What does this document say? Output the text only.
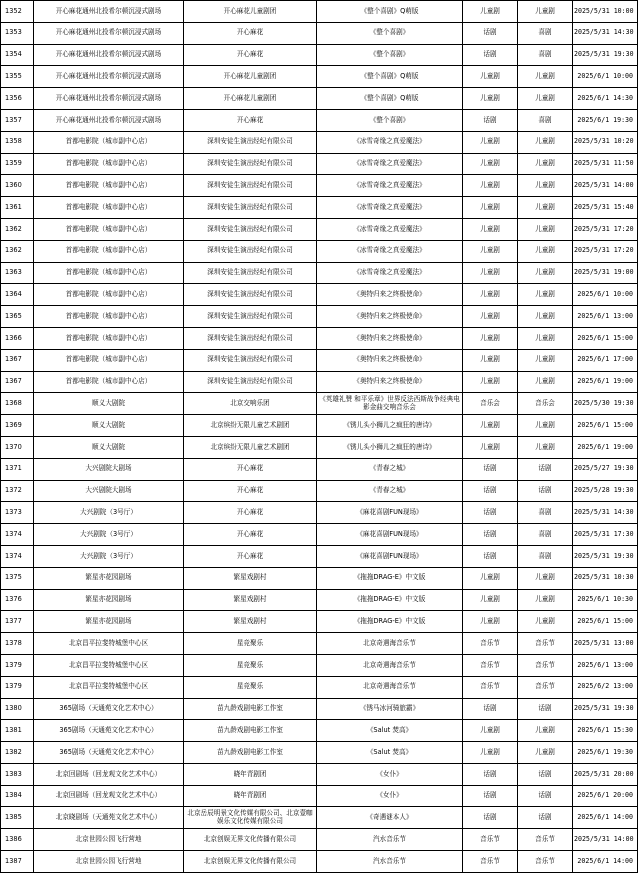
1352	开心麻花通州北投希尔顿沉浸式剧场	开心麻花儿童剧团	《整个喜剧》Q萌版	儿童剧	儿童剧	2025/5/31 10:00
1353	开心麻花通州北投希尔顿沉浸式剧场	开心麻花	《整个喜剧》	话剧	喜剧	2025/5/31 14:30
1354	开心麻花通州北投希尔顿沉浸式剧场	开心麻花	《整个喜剧》	话剧	喜剧	2025/5/31 19:30
1355	开心麻花通州北投希尔顿沉浸式剧场	开心麻花儿童剧团	《整个喜剧》Q萌版	儿童剧	儿童剧	2025/6/1 10:00
1356	开心麻花通州北投希尔顿沉浸式剧场	开心麻花儿童剧团	《整个喜剧》Q萌版	儿童剧	儿童剧	2025/6/1 14:30
1357	开心麻花通州北投希尔顿沉浸式剧场	开心麻花	《整个喜剧》	话剧	喜剧	2025/6/1 19:30
1358	首都电影院（城市副中心店）	深圳安徒生演出经纪有限公司	《冰雪奇缘之真爱魔法》	儿童剧	儿童剧	2025/5/31 10:20
1359	首都电影院（城市副中心店）	深圳安徒生演出经纪有限公司	《冰雪奇缘之真爱魔法》	儿童剧	儿童剧	2025/5/31 11:50
1360	首都电影院（城市副中心店）	深圳安徒生演出经纪有限公司	《冰雪奇缘之真爱魔法》	儿童剧	儿童剧	2025/5/31 14:00
1361	首都电影院（城市副中心店）	深圳安徒生演出经纪有限公司	《冰雪奇缘之真爱魔法》	儿童剧	儿童剧	2025/5/31 15:40
1362	首都电影院（城市副中心店）	深圳安徒生演出经纪有限公司	《冰雪奇缘之真爱魔法》	儿童剧	儿童剧	2025/5/31 17:20
1362	首都电影院（城市副中心店）	深圳安徒生演出经纪有限公司	《冰雪奇缘之真爱魔法》	儿童剧	儿童剧	2025/5/31 17:20
1363	首都电影院（城市副中心店）	深圳安徒生演出经纪有限公司	《冰雪奇缘之真爱魔法》	儿童剧	儿童剧	2025/5/31 19:00
1364	首都电影院（城市副中心店）	深圳安徒生演出经纪有限公司	《奥特归来之终极使命》	儿童剧	儿童剧	2025/6/1 10:00
1365	首都电影院（城市副中心店）	深圳安徒生演出经纪有限公司	《奥特归来之终极使命》	儿童剧	儿童剧	2025/6/1 13:00
1366	首都电影院（城市副中心店）	深圳安徒生演出经纪有限公司	《奥特归来之终极使命》	儿童剧	儿童剧	2025/6/1 15:00
1367	首都电影院（城市副中心店）	深圳安徒生演出经纪有限公司	《奥特归来之终极使命》	儿童剧	儿童剧	2025/6/1 17:00
1367	首都电影院（城市副中心店）	深圳安徒生演出经纪有限公司	《奥特归来之终极使命》	儿童剧	儿童剧	2025/6/1 19:00
1368	顺义大剧院	北京交响乐团	《英雄礼赞 和平乐章》世界反法西斯战争经典电影金曲交响音乐会	音乐会	音乐会	2025/5/30 19:30
1369	顺义大剧院	北京缤纷无限儿童艺术剧团	《锈儿头小狮儿之疯狂的唐诗》	儿童剧	儿童剧	2025/6/1 15:00
1370	顺义大剧院	北京缤纷无限儿童艺术剧团	《锈儿头小狮儿之疯狂的唐诗》	儿童剧	儿童剧	2025/6/1 19:00
1371	大兴剧院大剧场	开心麻花	《青春之城》	话剧	话剧	2025/5/27 19:30
1372	大兴剧院大剧场	开心麻花	《青春之城》	话剧	话剧	2025/5/28 19:30
1373	大兴剧院（3号厅）	开心麻花	《麻花喜剧FUN现场》	话剧	喜剧	2025/5/31 14:30
1374	大兴剧院（3号厅）	开心麻花	《麻花喜剧FUN现场》	话剧	喜剧	2025/5/31 17:30
1374	大兴剧院（3号厅）	开心麻花	《麻花喜剧FUN现场》	话剧	喜剧	2025/5/31 19:30
1375	繁星亦花园剧场	繁星戏剧村	《拖拖DRAG-E》中文版	儿童剧	儿童剧	2025/5/31 10:30
1376	繁星亦花园剧场	繁星戏剧村	《拖拖DRAG-E》中文版	儿童剧	儿童剧	2025/6/1 10:30
1377	繁星亦花园剧场	繁星戏剧村	《拖拖DRAG-E》中文版	儿童剧	儿童剧	2025/6/1 15:00
1378	北京昌平拉斐特城堡中心区	星竞聚乐	北京奇遇海音乐节	音乐节	音乐节	2025/5/31 13:00
1379	北京昌平拉斐特城堡中心区	星竞聚乐	北京奇遇海音乐节	音乐节	音乐节	2025/6/1 13:00
1379	北京昌平拉斐特城堡中心区	星竞聚乐	北京奇遇海音乐节	音乐节	音乐节	2025/6/2 13:00
1380	365剧场（天通苑文化艺术中心）	苗九龄戏剧电影工作室	《锈马冰河骑旅霸》	话剧	话剧	2025/5/31 19:30
1381	365剧场（天通苑文化艺术中心）	苗九龄戏剧电影工作室	《Salut 焚高》	儿童剧	儿童剧	2025/6/1 15:30
1382	365剧场（天通苑文化艺术中心）	苗九龄戏剧电影工作室	《Salut 焚高》	儿童剧	儿童剧	2025/6/1 19:30
1383	北京回剧场（回龙观文化艺术中心）	晓年青剧团	《女仆》	话剧	话剧	2025/5/31 20:00
1384	北京回剧场（回龙观文化艺术中心）	晓年青剧团	《女仆》	话剧	话剧	2025/6/1 20:00
1385	北京晓剧场（天通苑文化艺术中心）	北京岳辰明景文化传媒有限公司、北京壹咖娱乐文化传媒有限公司	《奇遇谜本人》	话剧	话剧	2025/6/1 14:00
1386	北京世园公园飞行营地	北京创娱无界文化传播有限公司	汽水音乐节	音乐节	音乐节	2025/5/31 14:00
1387	北京世园公园飞行营地	北京创娱无界文化传播有限公司	汽水音乐节	音乐节	音乐节	2025/6/1 14:00
